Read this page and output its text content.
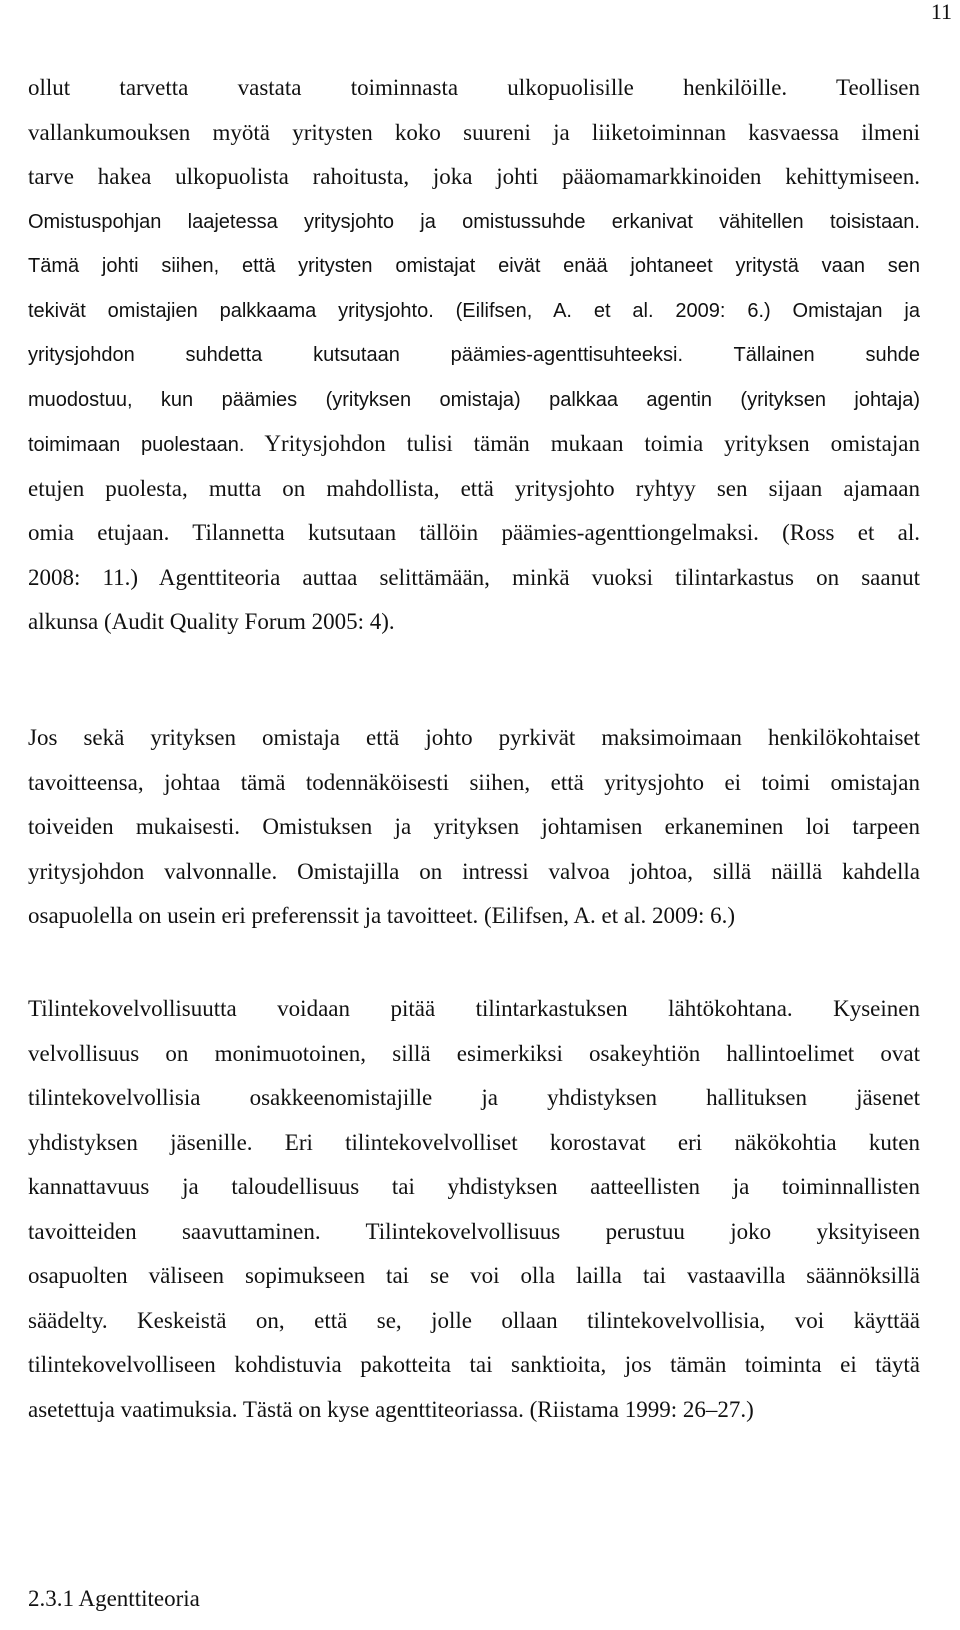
11
ollut tarvetta vastata toiminnasta ulkopuolisille henkilöille. Teollisen
vallankumouksen myötä yritysten koko suureni ja liiketoiminnan kasvaessa ilmeni
tarve hakea ulkopuolista rahoitusta, joka johti pääomamarkkinoiden kehittymiseen.
Omistuspohjan laajetessa yritysjohto ja omistussuhde erkanivat vähitellen toisistaan.
Tämä johti siihen, että yritysten omistajat eivät enää johtaneet yritystä vaan sen
tekivät omistajien palkkaama yritysjohto. (Eilifsen, A. et al. 2009: 6.) Omistajan ja
yritysjohdon suhdetta kutsutaan päämies-agenttisuhteeksi. Tällainen suhde
muodostuu, kun päämies (yrityksen omistaja) palkkaa agentin (yrityksen johtaja)
toimimaan puolestaan. Yritysjohdon tulisi tämän mukaan toimia yrityksen omistajan
etujen puolesta, mutta on mahdollista, että yritysjohto ryhtyy sen sijaan ajamaan
omia etujaan. Tilannetta kutsutaan tällöin päämies-agenttiongelmaksi. (Ross et al.
2008: 11.) Agenttiteoria auttaa selittämään, minkä vuoksi tilintarkastus on saanut
alkunsa (Audit Quality Forum 2005: 4).
Jos sekä yrityksen omistaja että johto pyrkivät maksimoimaan henkilökohtaiset
tavoitteensa, johtaa tämä todennäköisesti siihen, että yritysjohto ei toimi omistajan
toiveiden mukaisesti. Omistuksen ja yrityksen johtamisen erkaneminen loi tarpeen
yritysjohdon valvonnalle. Omistajilla on intressi valvoa johtoa, sillä näillä kahdella
osapuolella on usein eri preferenssit ja tavoitteet. (Eilifsen, A. et al. 2009: 6.)
Tilintekovelvollisuutta voidaan pitää tilintarkastuksen lähtökohtana. Kyseinen
velvollisuus on monimuotoinen, sillä esimerkiksi osakeyhtiön hallintoelimet ovat
tilintekovelvollisia osakkeenomistajille ja yhdistyksen hallituksen jäsenet
yhdistyksen jäsenille. Eri tilintekovelvolliset korostavat eri näkökohtia kuten
kannattavuus ja taloudellisuus tai yhdistyksen aatteellisten ja toiminnallisten
tavoitteiden saavuttaminen. Tilintekovelvollisuus perustuu joko yksityiseen
osapuolten väliseen sopimukseen tai se voi olla lailla tai vastaavilla säännöksillä
säädelty. Keskeistä on, että se, jolle ollaan tilintekovelvollisia, voi käyttää
tilintekovelvolliseen kohdistuvia pakotteita tai sanktioita, jos tämän toiminta ei täytä
asetettuja vaatimuksia. Tästä on kyse agenttiteoriassa. (Riistama 1999: 26–27.)
2.3.1 Agenttiteoria
